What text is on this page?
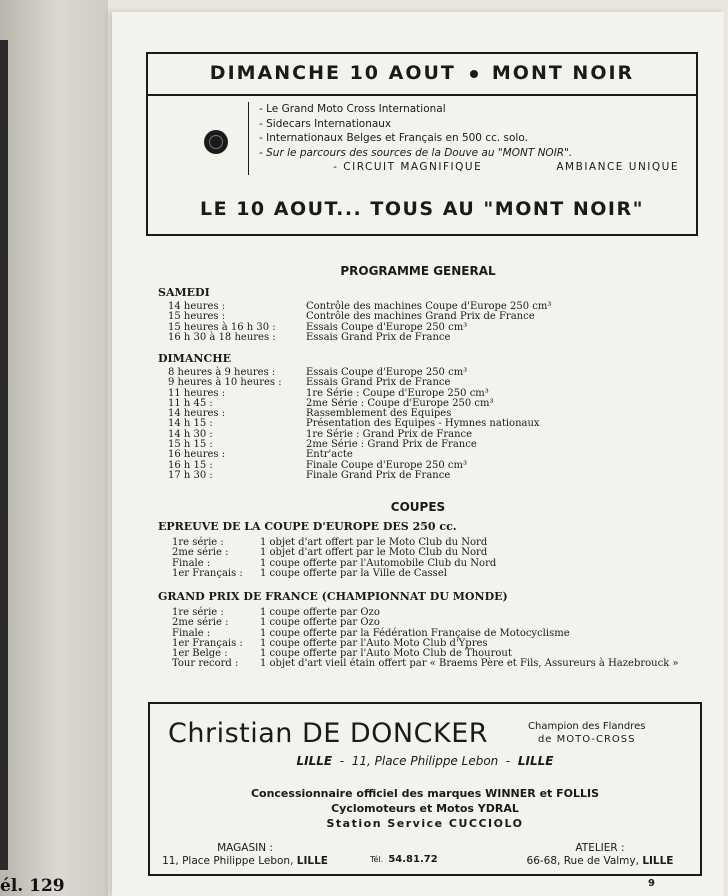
él. 129
DIMANCHE 10 AOUT MONT NOIR
- Le Grand Moto Cross International
- Sidecars Internationaux
- Internationaux Belges et Français en 500 cc. solo.
- Sur le parcours des sources de la Douve au "MONT NOIR".
- CIRCUIT MAGNIFIQUE	AMBIANCE UNIQUE
LE 10 AOUT... TOUS AU "MONT NOIR"
PROGRAMME GENERAL
SAMEDI
14 heures :	Contrôle des machines Coupe d'Europe 250 cm³
15 heures :	Contrôle des machines Grand Prix de France
15 heures à 16 h 30 :	Essais Coupe d'Europe 250 cm³
16 h 30 à 18 heures :	Essais Grand Prix de France
DIMANCHE
8 heures à 9 heures :	Essais Coupe d'Europe 250 cm³
9 heures à 10 heures :	Essais Grand Prix de France
11 heures :	1re Série : Coupe d'Europe 250 cm³
11 h 45 :	2me Série : Coupe d'Europe 250 cm³
14 heures :	Rassemblement des Equipes
14 h 15 :	Présentation des Equipes - Hymnes nationaux
14 h 30 :	1re Série : Grand Prix de France
15 h 15 :	2me Série : Grand Prix de France
16 heures :	Entr'acte
16 h 15 :	Finale Coupe d'Europe 250 cm³
17 h 30 :	Finale Grand Prix de France
COUPES
EPREUVE DE LA COUPE D'EUROPE DES 250 cc.
1re série :	1 objet d'art offert par le Moto Club du Nord
2me série :	1 objet d'art offert par le Moto Club du Nord
Finale :	1 coupe offerte par l'Automobile Club du Nord
1er Français :	1 coupe offerte par la Ville de Cassel
GRAND PRIX DE FRANCE (CHAMPIONNAT DU MONDE)
1re série :	1 coupe offerte par Ozo
2me série :	1 coupe offerte par Ozo
Finale :	1 coupe offerte par la Fédération Française de Motocyclisme
1er Français :	1 coupe offerte par l'Auto Moto Club d'Ypres
1er Belge :	1 coupe offerte par l'Auto Moto Club de Thourout
Tour record :	1 objet d'art vieil étain offert par « Braems Père et Fils, Assureurs à Hazebrouck »
Christian DE DONCKER	Champion des Flandres
de MOTO-CROSS
LILLE - 11, Place Philippe Lebon - LILLE
Concessionnaire officiel des marques WINNER et FOLLIS
Cyclomoteurs et Motos YDRAL
Station Service CUCCIOLO
MAGASIN :
11, Place Philippe Lebon, LILLE	Tél. 54.81.72
ATELIER :
66-68, Rue de Valmy, LILLE
9
